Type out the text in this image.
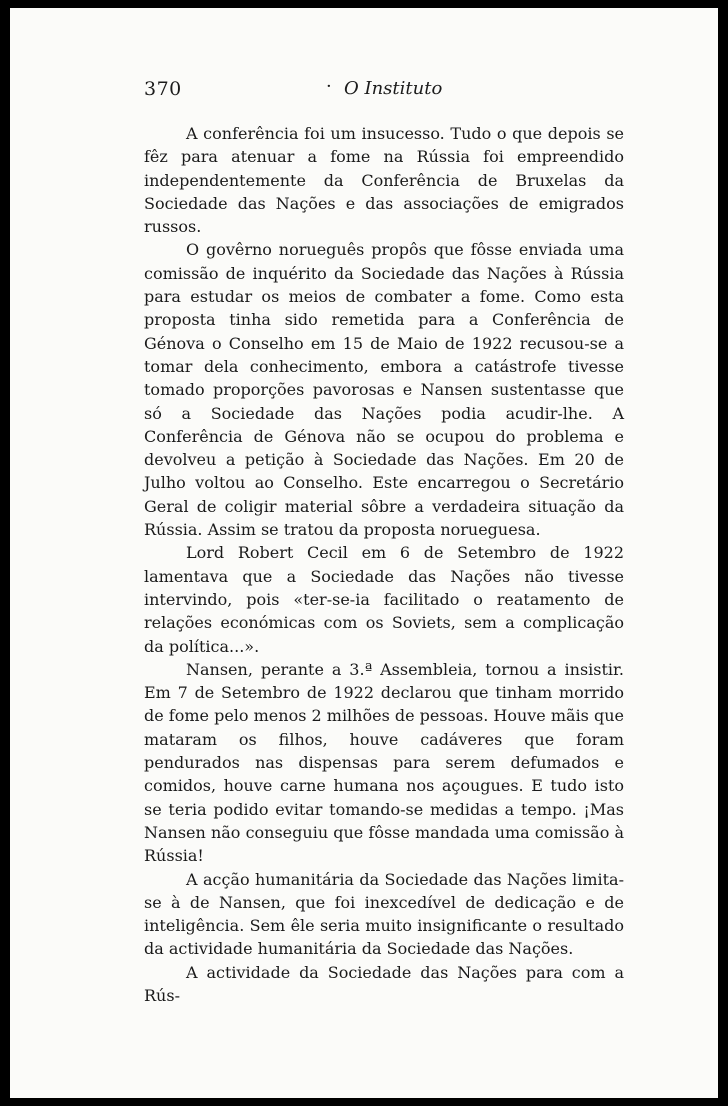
370	· O Instituto

A conferência foi um insucesso. Tudo o que depois se fêz para atenuar a fome na Rússia foi empreendido independentemente da Conferência de Bruxelas da Sociedade das Nações e das associações de emigrados russos.

O govêrno norueguês propôs que fôsse enviada uma comissão de inquérito da Sociedade das Nações à Rússia para estudar os meios de combater a fome. Como esta proposta tinha sido remetida para a Conferência de Génova o Conselho em 15 de Maio de 1922 recusou-se a tomar dela conhecimento, embora a catástrofe tivesse tomado proporções pavorosas e Nansen sustentasse que só a Sociedade das Nações podia acudir-lhe. A Conferência de Génova não se ocupou do problema e devolveu a petição à Sociedade das Nações. Em 20 de Julho voltou ao Conselho. Este encarregou o Secretário Geral de coligir material sôbre a verdadeira situação da Rússia. Assim se tratou da proposta norueguesa.

Lord Robert Cecil em 6 de Setembro de 1922 lamentava que a Sociedade das Nações não tivesse intervindo, pois «ter-se-ia facilitado o reatamento de relações económicas com os Soviets, sem a complicação da política...».

Nansen, perante a 3.ª Assembleia, tornou a insistir. Em 7 de Setembro de 1922 declarou que tinham morrido de fome pelo menos 2 milhões de pessoas. Houve mãis que mataram os filhos, houve cadáveres que foram pendurados nas dispensas para serem defumados e comidos, houve carne humana nos açougues. E tudo isto se teria podido evitar tomando-se medidas a tempo. ¡Mas Nansen não conseguiu que fôsse mandada uma comissão à Rússia!

A acção humanitária da Sociedade das Nações limita-se à de Nansen, que foi inexcedível de dedicação e de inteligência. Sem êle seria muito insignificante o resultado da actividade humanitária da Sociedade das Nações.

A actividade da Sociedade das Nações para com a Rús-
